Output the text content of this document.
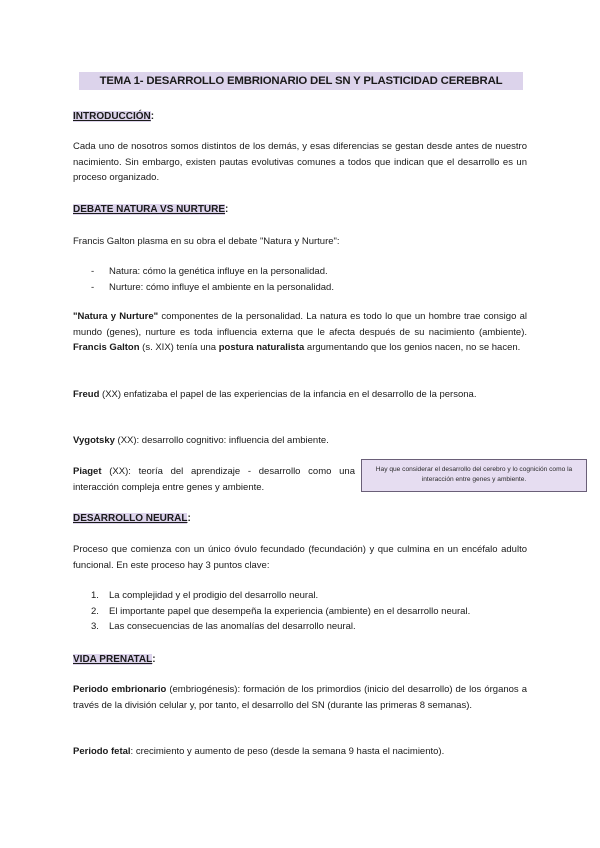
TEMA 1- DESARROLLO EMBRIONARIO DEL SN Y PLASTICIDAD CEREBRAL
INTRODUCCIÓN:
Cada uno de nosotros somos distintos de los demás, y esas diferencias se gestan desde antes de nuestro nacimiento. Sin embargo, existen pautas evolutivas comunes a todos que indican que el desarrollo es un proceso organizado.
DEBATE NATURA VS NURTURE:
Francis Galton plasma en su obra el debate "Natura y Nurture":
- Natura: cómo la genética influye en la personalidad.
- Nurture: cómo influye el ambiente en la personalidad.
"Natura y Nurture" componentes de la personalidad. La natura es todo lo que un hombre trae consigo al mundo (genes), nurture es toda influencia externa que le afecta después de su nacimiento (ambiente). Francis Galton (s. XIX) tenía una postura naturalista argumentando que los genios nacen, no se hacen.
Freud (XX) enfatizaba el papel de las experiencias de la infancia en el desarrollo de la persona.
Vygotsky (XX): desarrollo cognitivo: influencia del ambiente.
Piaget (XX): teoría del aprendizaje - desarrollo como una interacción compleja entre genes y ambiente.
Hay que considerar el desarrollo del cerebro y lo cognición como la interacción entre genes y ambiente.
DESARROLLO NEURAL:
Proceso que comienza con un único óvulo fecundado (fecundación) y que culmina en un encéfalo adulto funcional. En este proceso hay 3 puntos clave:
1. La complejidad y el prodigio del desarrollo neural.
2. El importante papel que desempeña la experiencia (ambiente) en el desarrollo neural.
3. Las consecuencias de las anomalías del desarrollo neural.
VIDA PRENATAL:
Periodo embrionario (embriogénesis): formación de los primordios (inicio del desarrollo) de los órganos a través de la división celular y, por tanto, el desarrollo del SN (durante las primeras 8 semanas).
Periodo fetal: crecimiento y aumento de peso (desde la semana 9 hasta el nacimiento).
